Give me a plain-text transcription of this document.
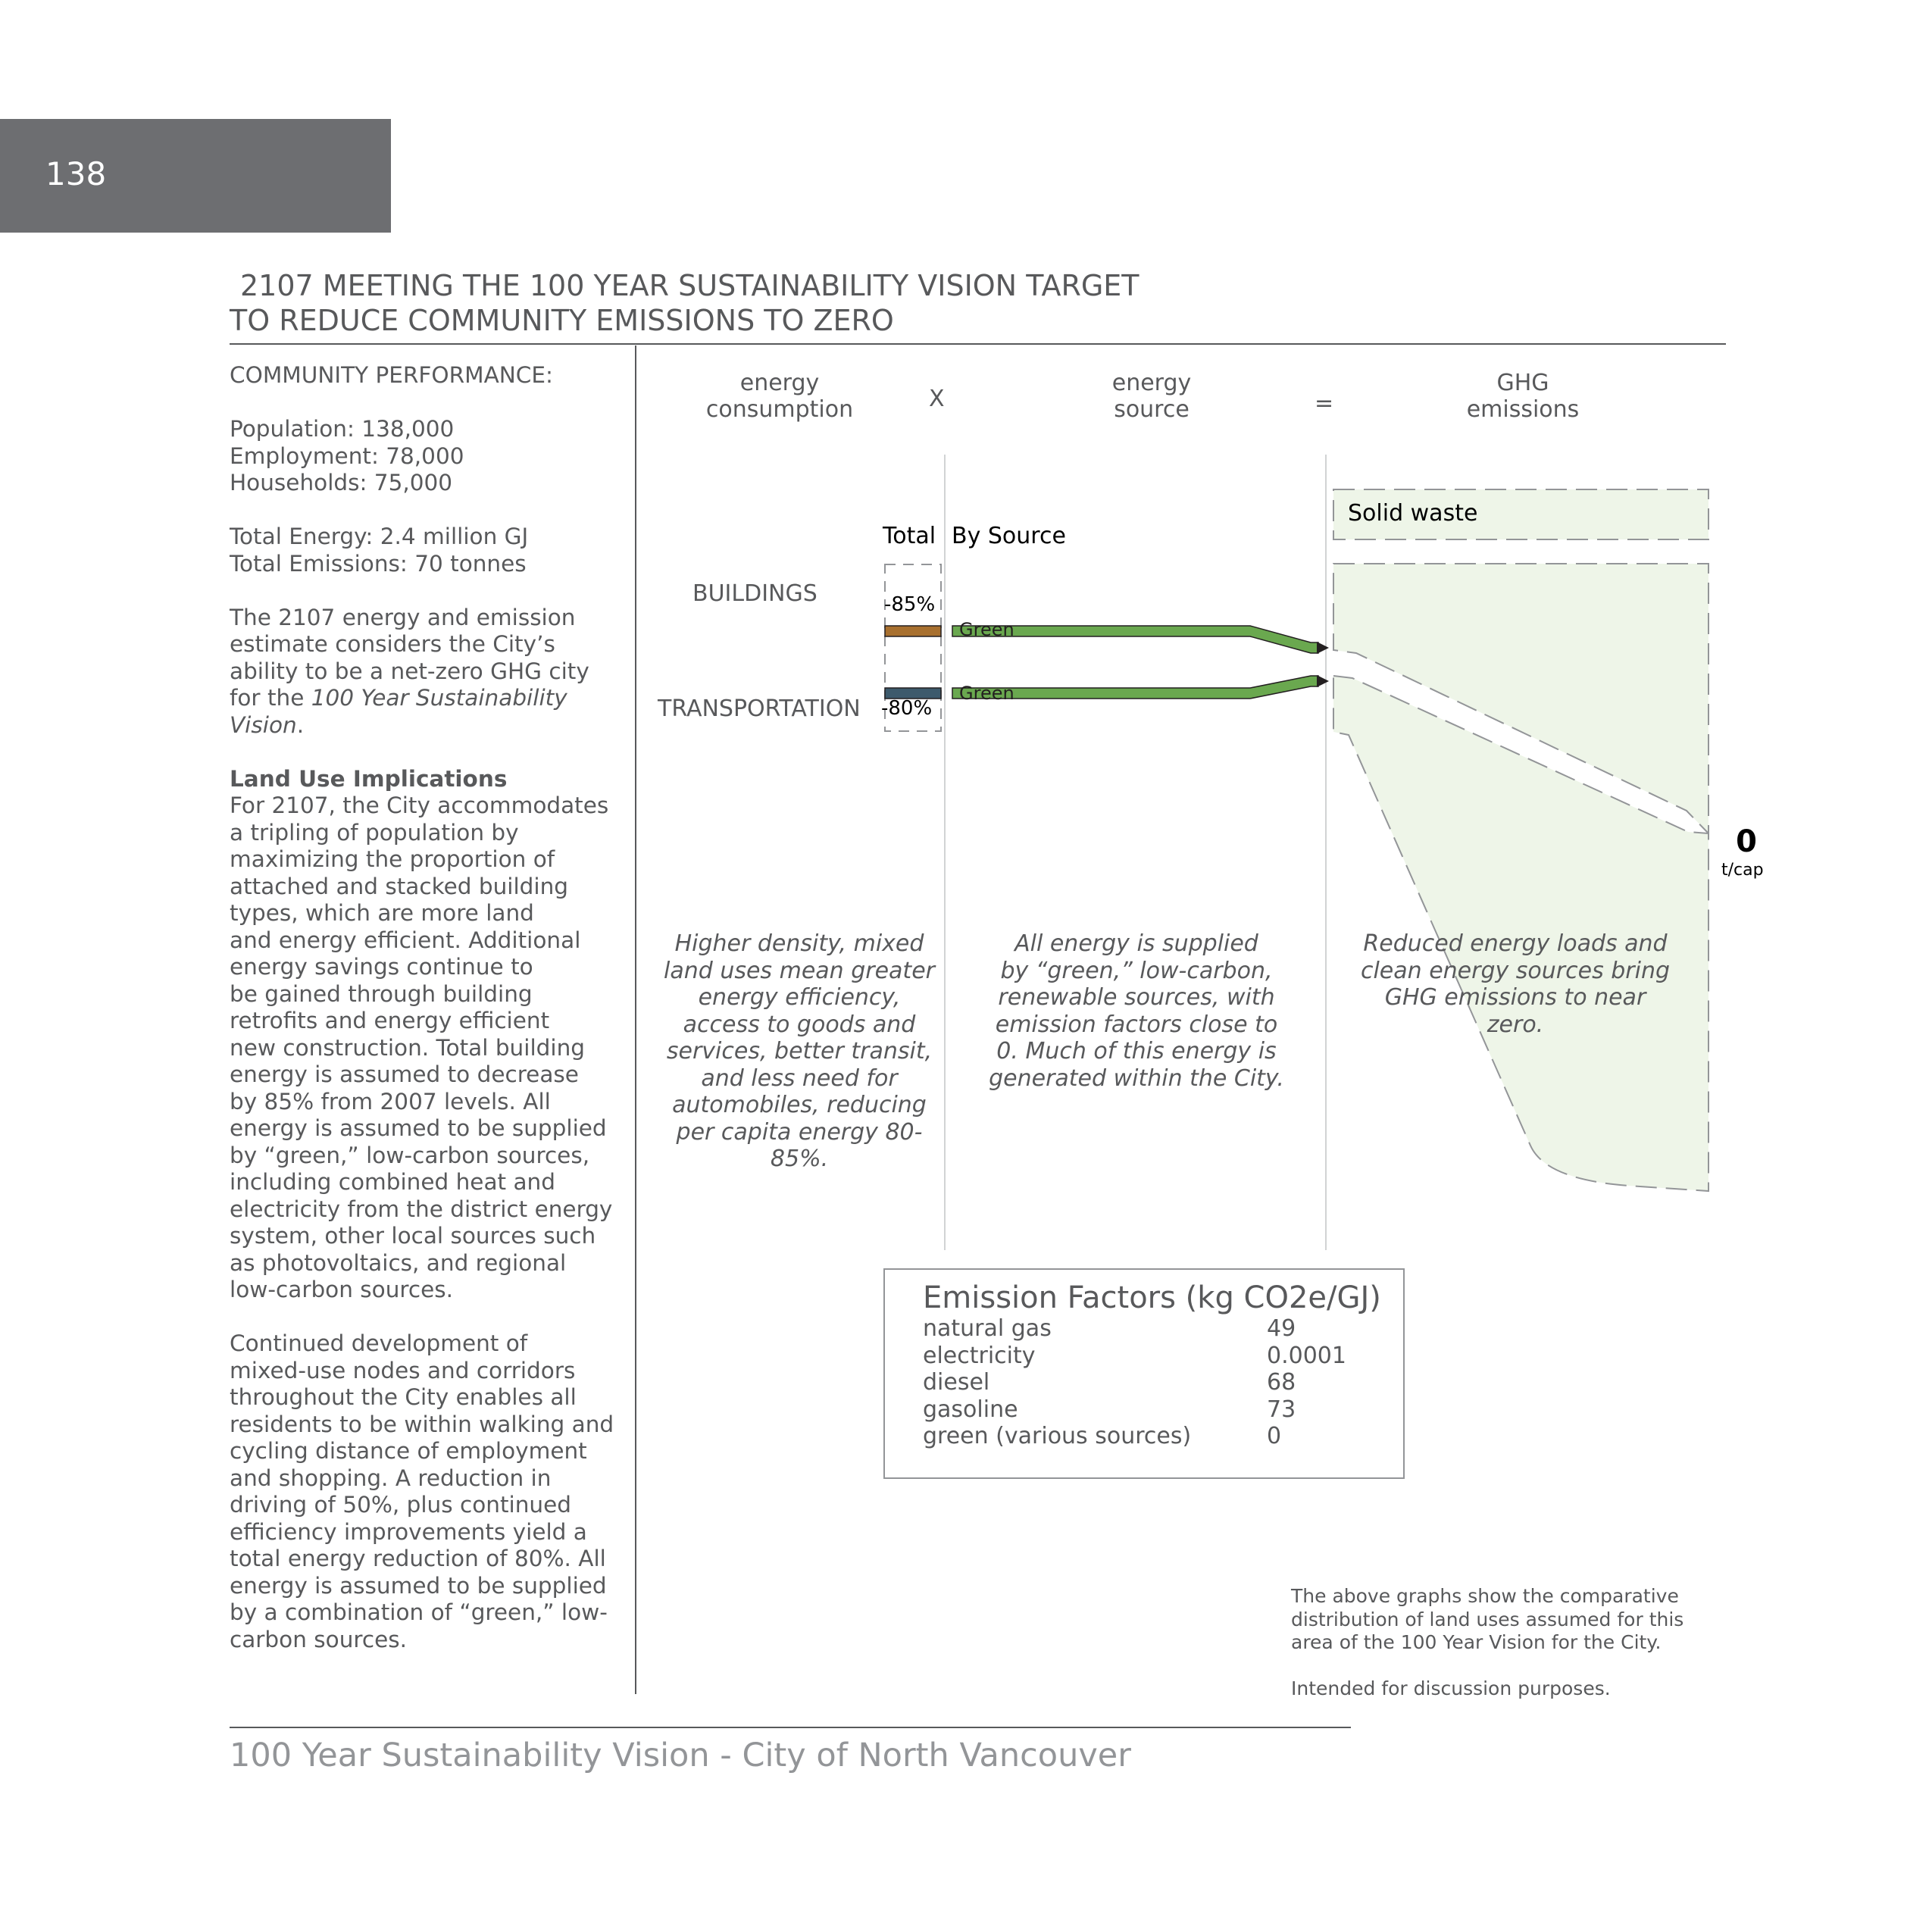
138
2107 MEETING THE 100 YEAR SUSTAINABILITY VISION TARGET
TO REDUCE COMMUNITY EMISSIONS TO ZERO

COMMUNITY PERFORMANCE:

Population: 138,000

Employment: 78,000

Households: 75,000

Total Energy: 2.4 million GJ

Total Emissions: 70 tonnes

The 2107 energy and emission

estimate considers the City’s

ability to be a net-zero GHG city

for the 100 Year Sustainability

Vision.

Land Use Implications

For 2107, the City accommodates
a tripling of population by
maximizing the proportion of
attached and stacked building
types, which are more land
and energy efficient. Additional
energy savings continue to
be gained through building
retrofits and energy efficient
new construction. Total building
energy is assumed to decrease
by 85% from 2007 levels. All
energy is assumed to be supplied
by “green,” low-carbon sources,
including combined heat and
electricity from the district energy
system, other local sources such
as photovoltaics, and regional
low-carbon sources.
Continued development of
mixed-use nodes and corridors
throughout the City enables all
residents to be within walking and
cycling distance of employment
and shopping. A reduction in
driving of 50%, plus continued
efficiency improvements yield a
total energy reduction of 80%. All
energy is assumed to be supplied
by a combination of “green,” low-
carbon sources.
energy
consumption	X
energy
source	=
GHG
emissions
Total By Source
BUILDINGS
TRANSPORTATION
-85%
-80%
Green
Green
Solid waste
0
t/cap
Higher density, mixed
land uses mean greater
energy efficiency,
access to goods and
services, better transit,
and less need for
automobiles, reducing
per capita energy 80-
85%.
All energy is supplied
by “green,” low-carbon,
renewable sources, with
emission factors close to
0. Much of this energy is
generated within the City.
Reduced energy loads and
clean energy sources bring
GHG emissions to near
zero.
Emission Factors (kg CO2e/GJ)
natural gas	49
electricity	0.0001
diesel	68
gasoline	73
green (various sources)	0

The above graphs show the comparative

distribution of land uses assumed for this

area of the 100 Year Vision for the City.

Intended for discussion purposes.

100 Year Sustainability Vision - City of North Vancouver
